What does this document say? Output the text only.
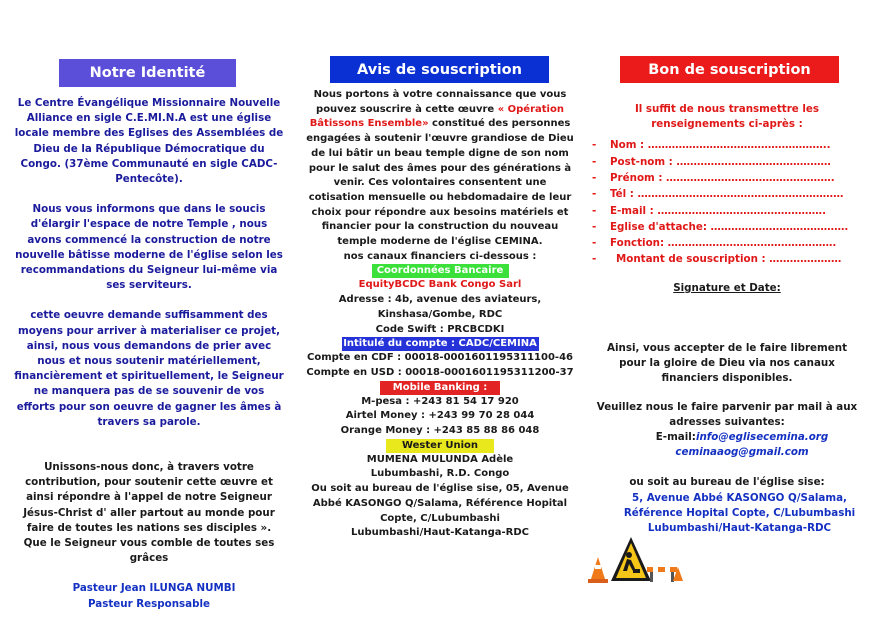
Notre Identité

Le Centre Évangélique Missionnaire Nouvelle Alliance en sigle C.E.MI.N.A est une église locale membre des Eglises des Assemblées de Dieu de la République Démocratique du Congo. (37ème Communauté en sigle CADC-Pentecôte).

Nous vous informons que dans le soucis d'élargir l'espace de notre Temple , nous avons commencé la construction de notre nouvelle bâtisse moderne de l'église selon les recommandations du Seigneur lui-même via ses serviteurs.

cette oeuvre demande suffisamment des moyens pour arriver à materialiser ce projet, ainsi, nous vous demandons de prier avec nous et nous soutenir matériellement, financièrement et spirituellement, le Seigneur ne manquera pas de se souvenir de vos efforts pour son oeuvre de gagner les âmes à travers sa parole.

Unissons-nous donc, à travers votre contribution, pour soutenir cette œuvre et ainsi répondre à l'appel de notre Seigneur Jésus-Christ d' aller partout au monde pour faire de toutes les nations ses disciples ».

Que le Seigneur vous comble de toutes ses grâces

Pasteur Jean ILUNGA NUMBI

Pasteur Responsable

Avis de souscription

Nous portons à votre connaissance que vous pouvez souscrire à cette œuvre « Opération Bâtissons Ensemble» constitué des personnes engagées à soutenir l'œuvre grandiose de Dieu de lui bâtir un beau temple digne de son nom pour le salut des âmes pour des générations à venir. Ces volontaires consentent une cotisation mensuelle ou hebdomadaire de leur choix pour répondre aux besoins matériels et financier pour la construction du nouveau temple moderne de l'église CEMINA.

nos canaux financiers ci-dessous :

Coordonnées Bancaire

EquityBCDC Bank Congo Sarl

Adresse : 4b, avenue des aviateurs, Kinshasa/Gombe, RDC

Code Swift : PRCBCDKI

Intitulé du compte : CADC/CEMINA

Compte en CDF : 00018-0001601195311100-46

Compte en USD : 00018-0001601195311200-37

Mobile Banking :

M-pesa : +243 81 54 17 920

Airtel Money : +243 99 70 28 044

Orange Money : +243 85 88 86 048

Wester Union

MUMENA MULUNDA Adèle

Lubumbashi, R.D. Congo

Ou soit au bureau de l'église sise, 05, Avenue Abbé KASONGO Q/Salama, Référence Hopital Copte, C/Lubumbashi

Lubumbashi/Haut-Katanga-RDC

Bon de souscription

Il suffit de nous transmettre les renseignements ci-après :

- Nom : ……………………………………………..
- Post-nom : ………………………………………
- Prénom : ………………………………………….
- Tél : ……………………………………………………
- E-mail : ………………………………………….
- Eglise d'attache: ………………………………….
- Fonction: ………………………………………….
- Montant de souscription : …………………

Signature et Date:

Ainsi, vous accepter de le faire librement pour la gloire de Dieu via nos canaux financiers disponibles.

Veuillez nous le faire parvenir par mail à aux adresses suivantes:

E-mail:info@eglisecemina.org

ceminaaog@gmail.com

ou soit au bureau de l'église sise:

5, Avenue Abbé KASONGO Q/Salama, Référence Hopital Copte, C/Lubumbashi

Lubumbashi/Haut-Katanga-RDC
